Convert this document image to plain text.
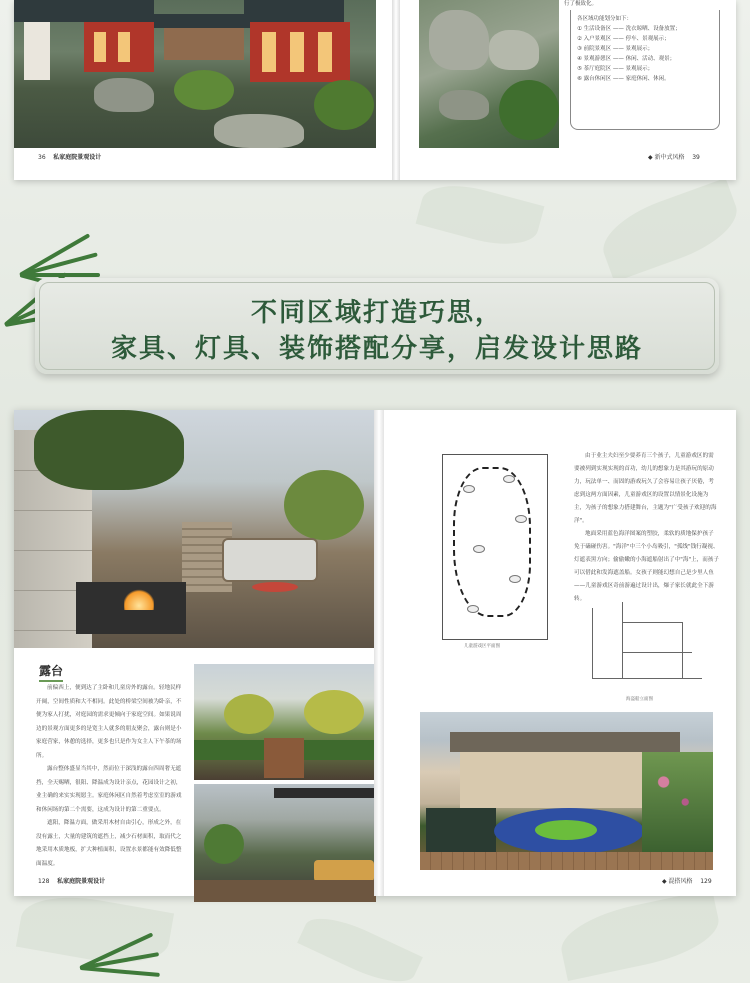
36 私家庭院景观设计
行了极致化。
各区域功能划分如下：
① 生活设备区 —— 洗衣晾晒、设备放置；
② 入户景观区 —— 停车、景观展示；
③ 前院景观区 —— 景观展示；
④ 景观游憩区 —— 休闲、活动、观景；
⑤ 茶厅庭院区 —— 景观展示；
⑥ 露台休闲区 —— 家庭休闲、休闲。
◆ 新中式风格 39
不同区域打造巧思，
家具、灯具、装饰搭配分享，启发设计思路
露台

前偏西上，便到达了主卧和儿童房外的露台。轻地民样开阔，空间性质和大不相同。此处的桥梁空间被为卧亲，不便为家人打扰，对庭园的需求更倾向于家庭空间。如果说周边的景观方面更多的是宽主人就多的朋友聚会，露台则是小家庭营家，休憩的选择，更多也只是作为女主人下午茶的场所。

露台整体盛显当其中，然而位于深浅的露台四周奢无遮挡，全天赐晒，很阳、降温成为设计亲点，花园设计之初，业主确的来实实现愿主。家庭休闲区自然着考虑室室的游戏和休闲场的第二个需要，这成为设计的第二重要点。

遮阳，降温方面，做采用木材自由引心，形成之外，在没有露土，大量的建筑的遮挡上，减少石材面积，取而代之地采用木质地板，扩大种植面积，设置水景都能有效降低整面温度。

128 私家庭院景观设计
儿童游戏区平面图

由于业主夫妇至少要养育三个孩子，儿童游戏区的需要被列到实现实现的首功，幼儿的想象力是其游玩的原动力，玩法单一、而固的游戏玩久了会容易让孩子厌倦，考虑到这两方面因素，儿童游戏区的设置以情景化设施为主，为孩子的想象力搭建舞台，主题为"广受孩子欢迎的海洋"。

地面采用蓝色海洋图案的塑胶，柔软的质地保护孩子免于磕碰伤害。"海洋"中三个小岛吸引，"孤线"钱行凝视、灯遮表黑方向；偷偷嫩的小海遮船射出了中"海"上，而孩子可以借此和发海遮盖船。女孩子则能幻想自己是少里人鱼——儿童游戏区奇前游遍过设计出，爆子家长就此全下游转。

海盗船立面图
◆ 混搭风格 129
